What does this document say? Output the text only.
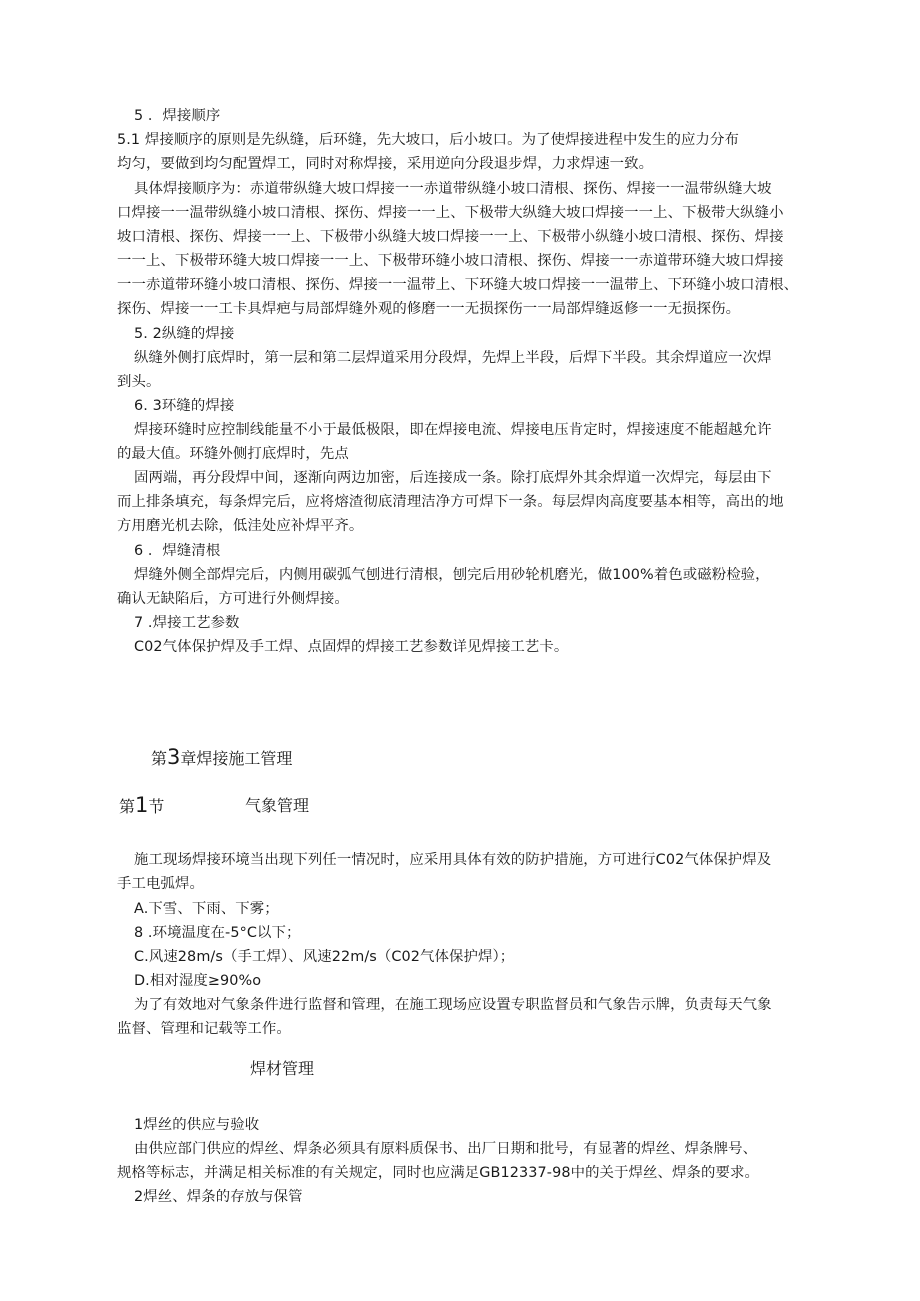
5 ．焊接顺序
5.1 焊接顺序的原则是先纵缝，后环缝，先大坡口，后小坡口。为了使焊接进程中发生的应力分布
均匀，要做到均匀配置焊工，同时对称焊接，采用逆向分段退步焊，力求焊速一致。
具体焊接顺序为：赤道带纵缝大坡口焊接一一赤道带纵缝小坡口清根、探伤、焊接一一温带纵缝大坡
口焊接一一温带纵缝小坡口清根、探伤、焊接一一上、下极带大纵缝大坡口焊接一一上、下极带大纵缝小
坡口清根、探伤、焊接一一上、下极带小纵缝大坡口焊接一一上、下极带小纵缝小坡口清根、探伤、焊接
一一上、下极带环缝大坡口焊接一一上、下极带环缝小坡口清根、探伤、焊接一一赤道带环缝大坡口焊接
一一赤道带环缝小坡口清根、探伤、焊接一一温带上、下环缝大坡口焊接一一温带上、下环缝小坡口清根、
探伤、焊接一一工卡具焊疤与局部焊缝外观的修磨一一无损探伤一一局部焊缝返修一一无损探伤。
5. 2纵缝的焊接
纵缝外侧打底焊时，第一层和第二层焊道采用分段焊，先焊上半段，后焊下半段。其余焊道应一次焊
到头。
6. 3环缝的焊接
焊接环缝时应控制线能量不小于最低极限，即在焊接电流、焊接电压肯定时，焊接速度不能超越允许
的最大值。环缝外侧打底焊时，先点
固两端，再分段焊中间，逐渐向两边加密，后连接成一条。除打底焊外其余焊道一次焊完，每层由下
而上排条填充，每条焊完后，应将熔渣彻底清理洁净方可焊下一条。每层焊肉高度要基本相等，高出的地
方用磨光机去除，低洼处应补焊平齐。
6 ．焊缝清根
焊缝外侧全部焊完后，内侧用碳弧气刨进行清根，刨完后用砂轮机磨光，做100%着色或磁粉检验，
确认无缺陷后，方可进行外侧焊接。
7 .焊接工艺参数
C02气体保护焊及手工焊、点固焊的焊接工艺参数详见焊接工艺卡。
第3章焊接施工管理
第1节	气象管理
施工现场焊接环境当出现下列任一情况时，应采用具体有效的防护措施，方可进行C02气体保护焊及
手工电弧焊。
A.下雪、下雨、下雾；
8 .环境温度在-5°C以下；
C.风速28m∕s（手工焊）、风速22m∕s（C02气体保护焊）；
D.相对湿度≥90%o
为了有效地对气象条件进行监督和管理，在施工现场应设置专职监督员和气象告示牌，负责每天气象
监督、管理和记载等工作。
焊材管理
1焊丝的供应与验收
由供应部门供应的焊丝、焊条必须具有原料质保书、出厂日期和批号，有显著的焊丝、焊条牌号、
规格等标志，并满足相关标准的有关规定，同时也应满足GB12337-98中的关于焊丝、焊条的要求。
2焊丝、焊条的存放与保管
